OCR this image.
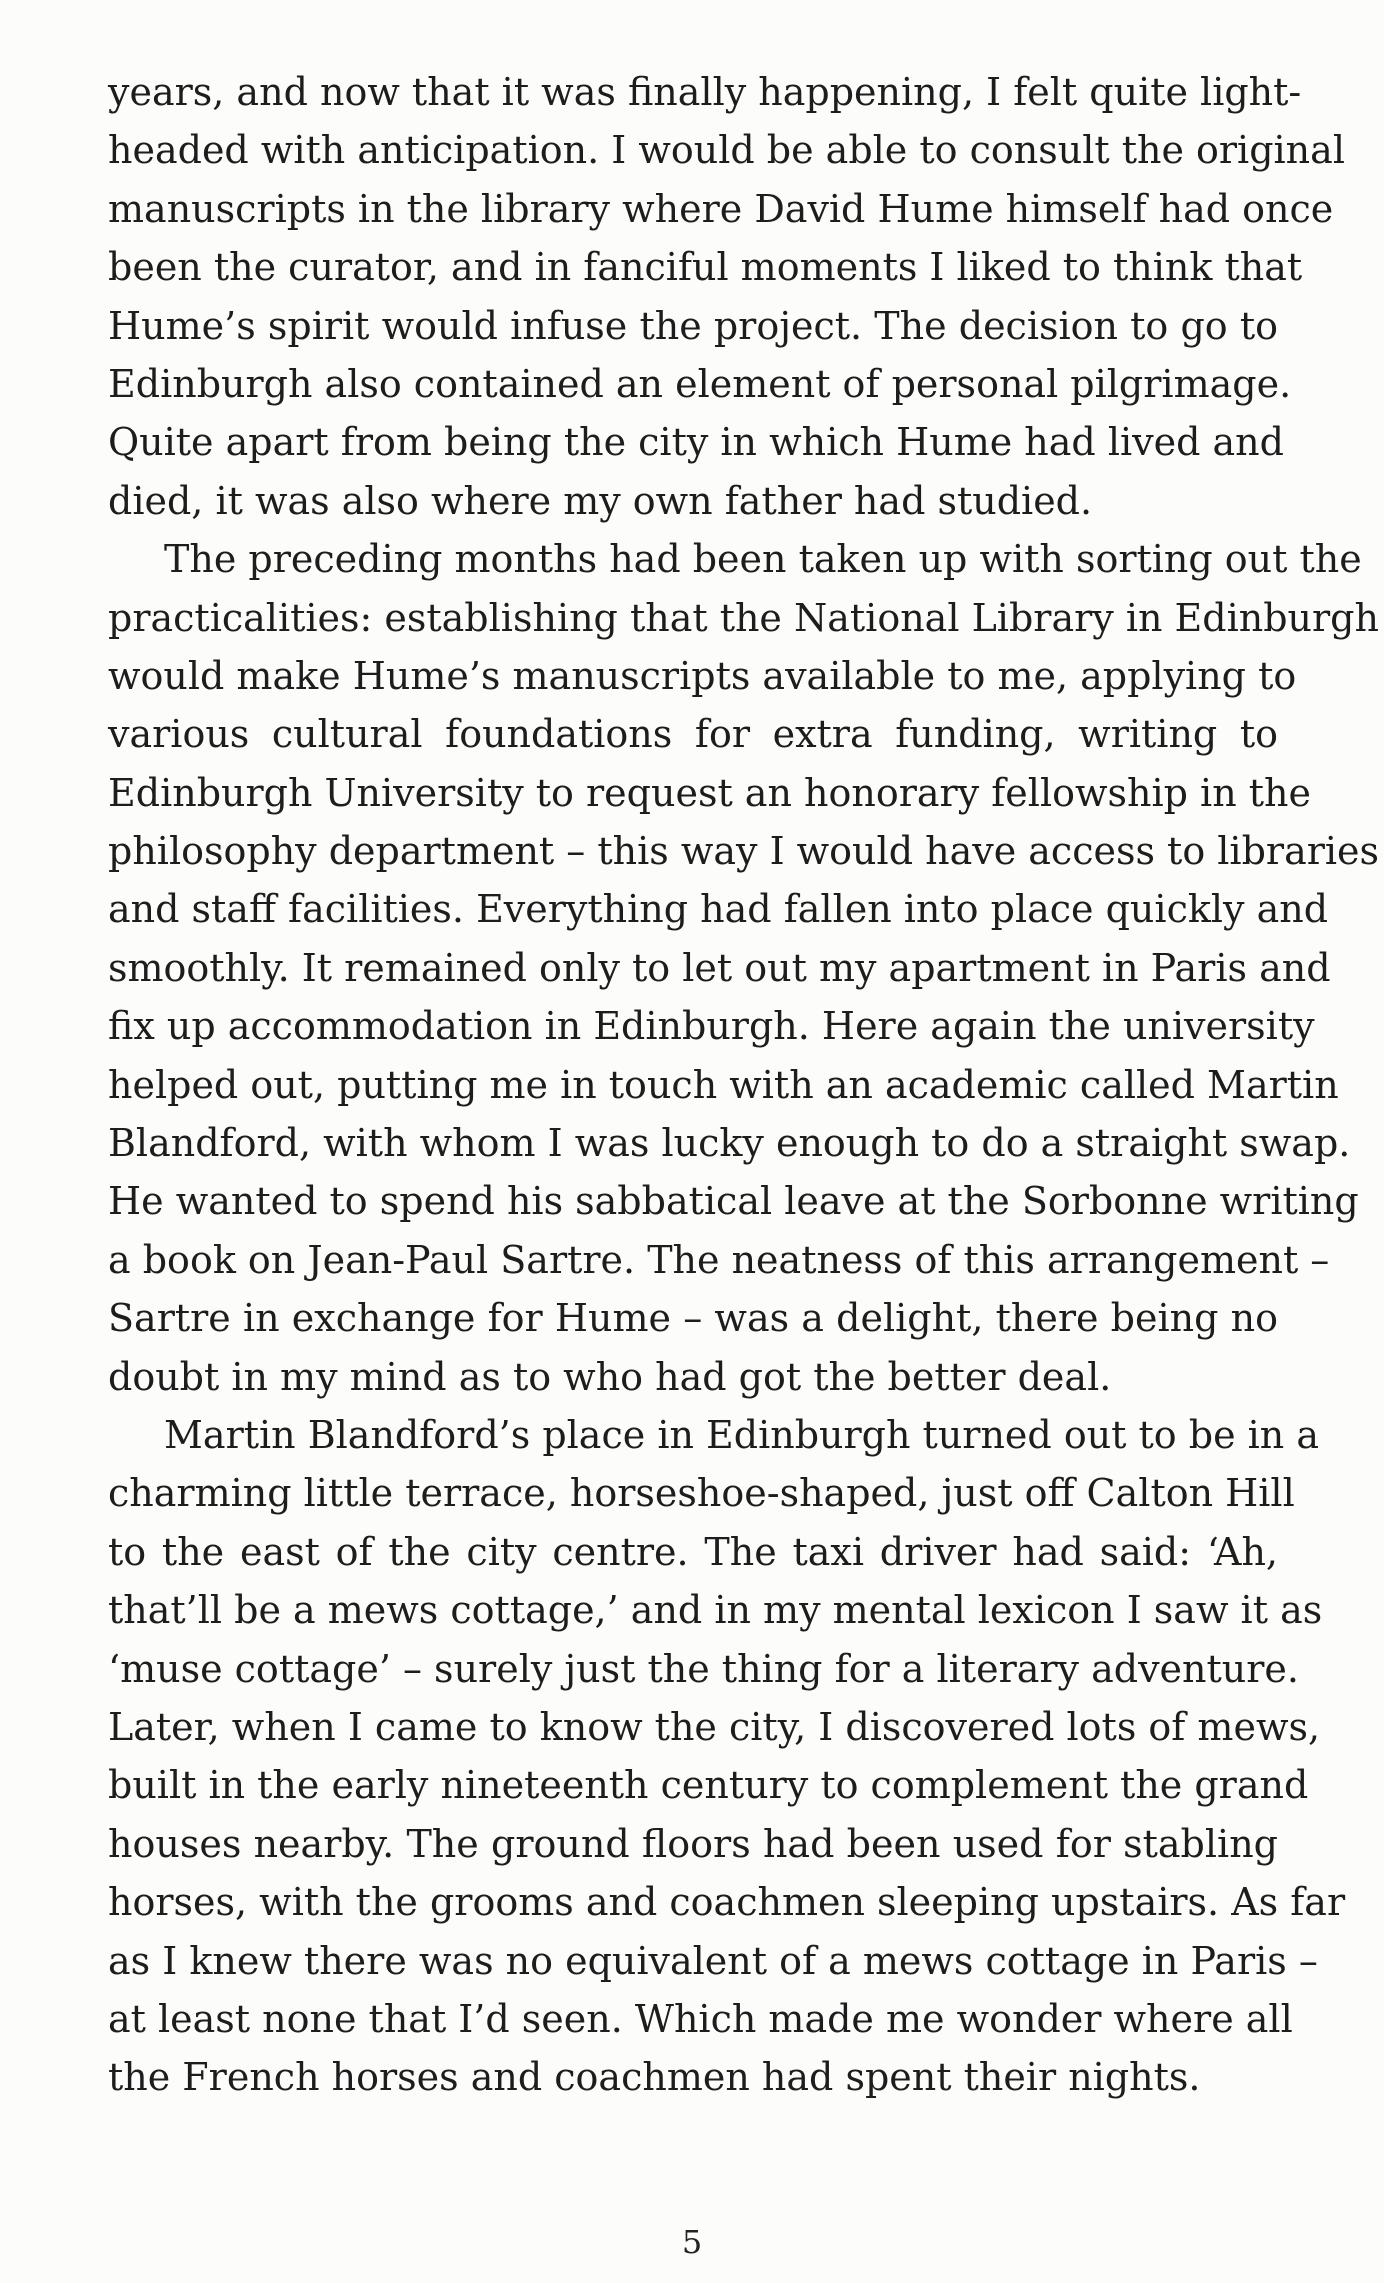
years, and now that it was finally happening, I felt quite light-
headed with anticipation. I would be able to consult the original
manuscripts in the library where David Hume himself had once
been the curator, and in fanciful moments I liked to think that
Hume’s spirit would infuse the project. The decision to go to
Edinburgh also contained an element of personal pilgrimage.
Quite apart from being the city in which Hume had lived and
died, it was also where my own father had studied.
The preceding months had been taken up with sorting out the
practicalities: establishing that the National Library in Edinburgh
would make Hume’s manuscripts available to me, applying to
various cultural foundations for extra funding, writing to
Edinburgh University to request an honorary fellowship in the
philosophy department – this way I would have access to libraries
and staff facilities. Everything had fallen into place quickly and
smoothly. It remained only to let out my apartment in Paris and
fix up accommodation in Edinburgh. Here again the university
helped out, putting me in touch with an academic called Martin
Blandford, with whom I was lucky enough to do a straight swap.
He wanted to spend his sabbatical leave at the Sorbonne writing
a book on Jean-Paul Sartre. The neatness of this arrangement –
Sartre in exchange for Hume – was a delight, there being no
doubt in my mind as to who had got the better deal.
Martin Blandford’s place in Edinburgh turned out to be in a
charming little terrace, horseshoe-shaped, just off Calton Hill
to the east of the city centre. The taxi driver had said: ‘Ah,
that’ll be a mews cottage,’ and in my mental lexicon I saw it as
‘muse cottage’ – surely just the thing for a literary adventure.
Later, when I came to know the city, I discovered lots of mews,
built in the early nineteenth century to complement the grand
houses nearby. The ground floors had been used for stabling
horses, with the grooms and coachmen sleeping upstairs. As far
as I knew there was no equivalent of a mews cottage in Paris –
at least none that I’d seen. Which made me wonder where all
the French horses and coachmen had spent their nights.
5
